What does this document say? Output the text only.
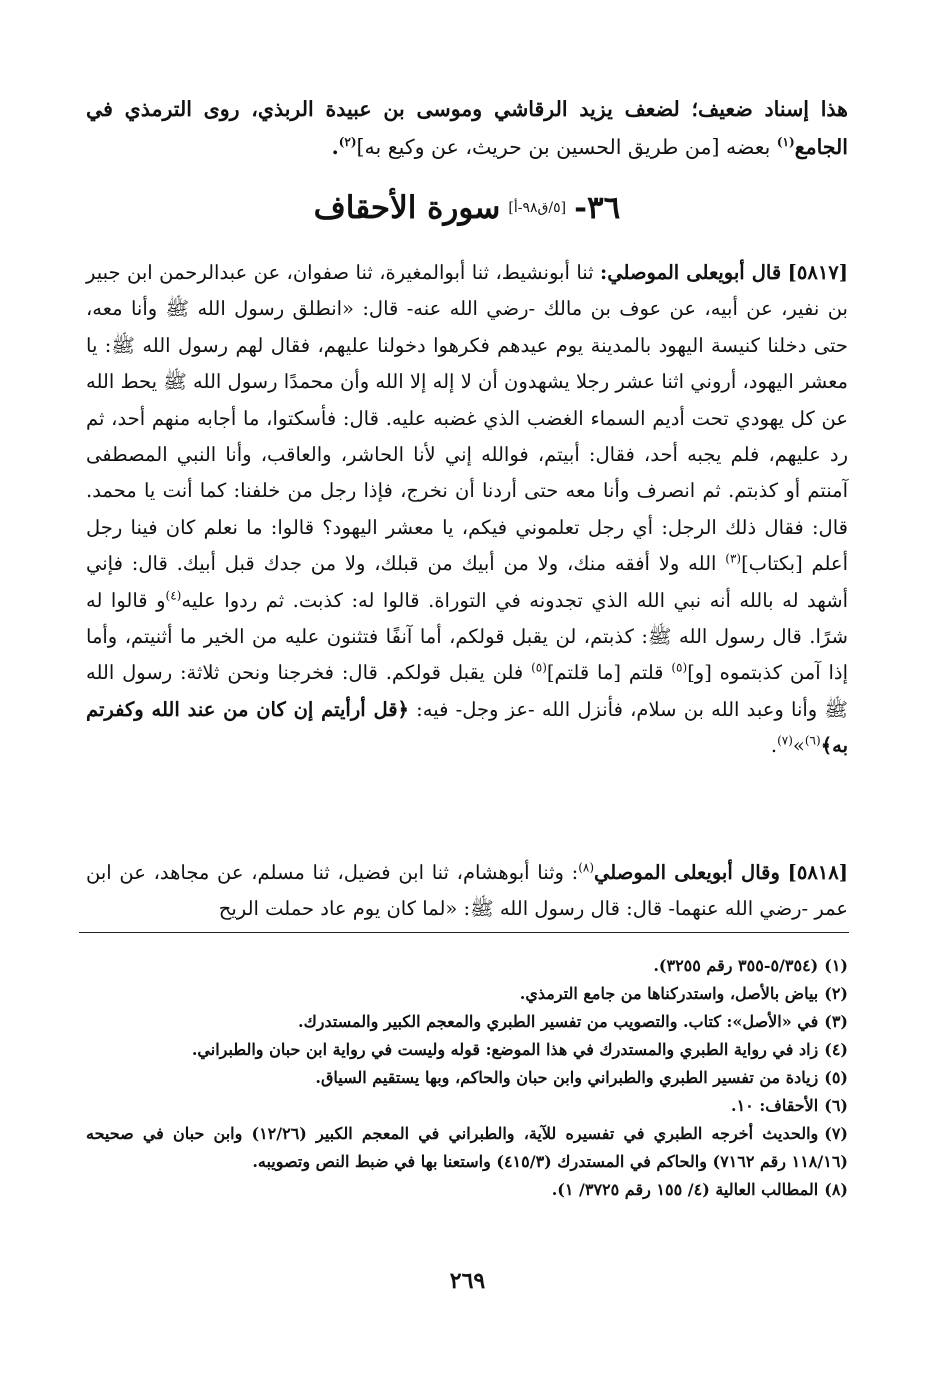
هذا إسناد ضعيف؛ لضعف يزيد الرقاشي وموسى بن عبيدة الربذي، روى الترمذي في الجامع$^{(١)}$ بعضه [من طريق الحسين بن حريث، عن وكيع به]$^{(٢)}$.
٣٦-[٥/ق٩٨-أ]سورة الأحقاف
[٥٨١٧] قال أبويعلى الموصلي: ثنا أبونشيط، ثنا أبوالمغيرة، ثنا صفوان، عن عبدالرحمن ابن جبير بن نفير، عن أبيه، عن عوف بن مالك -رضي الله عنه- قال: «انطلق رسول الله ﷺ وأنا معه، حتى دخلنا كنيسة اليهود بالمدينة يوم عيدهم فكرهوا دخولنا عليهم، فقال لهم رسول الله ﷺ: يا معشر اليهود، أروني اثنا عشر رجلا يشهدون أن لا إله إلا الله وأن محمدًا رسول الله ﷺ يحط الله عن كل يهودي تحت أديم السماء الغضب الذي غضبه عليه. قال: فأسكتوا، ما أجابه منهم أحد، ثم رد عليهم، فلم يجبه أحد، فقال: أبيتم، فوالله إني لأنا الحاشر، والعاقب، وأنا النبي المصطفى آمنتم أو كذبتم. ثم انصرف وأنا معه حتى أردنا أن نخرج، فإذا رجل من خلفنا: كما أنت يا محمد. قال: فقال ذلك الرجل: أي رجل تعلموني فيكم، يا معشر اليهود؟ قالوا: ما نعلم كان فينا رجل أعلم [بكتاب]$^{(٣)}$ الله ولا أفقه منك، ولا من أبيك من قبلك، ولا من جدك قبل أبيك. قال: فإني أشهد له بالله أنه نبي الله الذي تجدونه في التوراة. قالوا له: كذبت. ثم ردوا عليه$^{(٤)}$و قالوا له شرًا. قال رسول الله ﷺ: كذبتم، لن يقبل قولكم، أما آنفًا فتثنون عليه من الخير ما أثنيتم، وأما إذا آمن كذبتموه [و]$^{(٥)}$ قلتم [ما قلتم]$^{(٥)}$ فلن يقبل قولكم. قال: فخرجنا ونحن ثلاثة: رسول الله ﷺ وأنا وعبد الله بن سلام، فأنزل الله -عز وجل- فيه: ﴿قل أرأيتم إن كان من عند الله وكفرتم به﴾$^{(٦)}$»$^{(٧)}$.
[٥٨١٨] وقال أبويعلى الموصلي$^{(٨)}$: وثنا أبوهشام، ثنا ابن فضيل، ثنا مسلم، عن مجاهد، عن ابن عمر -رضي الله عنهما- قال: قال رسول الله ﷺ: «لما كان يوم عاد حملت الريح
(١)(٥/٣٥٤-٣٥٥ رقم ٣٢٥٥).
(٢)بياض بالأصل، واستدركناها من جامع الترمذي.
(٣)في «الأصل»: كتاب. والتصويب من تفسير الطبري والمعجم الكبير والمستدرك.
(٤)زاد في رواية الطبري والمستدرك في هذا الموضع: قوله وليست في رواية ابن حبان والطبراني.
(٥)زيادة من تفسير الطبري والطبراني وابن حبان والحاكم، وبها يستقيم السياق.
(٦)الأحقاف: ١٠.
(٧)والحديث أخرجه الطبري في تفسيره للآية، والطبراني في المعجم الكبير (١٢/٢٦) وابن حبان في صحيحه (١١٨/١٦ رقم ٧١٦٢) والحاكم في المستدرك (٤١٥/٣) واستعنا بها في ضبط النص وتصويبه.
(٨)المطالب العالية (٤/ ١٥٥ رقم ٣٧٢٥/ ١).
٢٦٩
